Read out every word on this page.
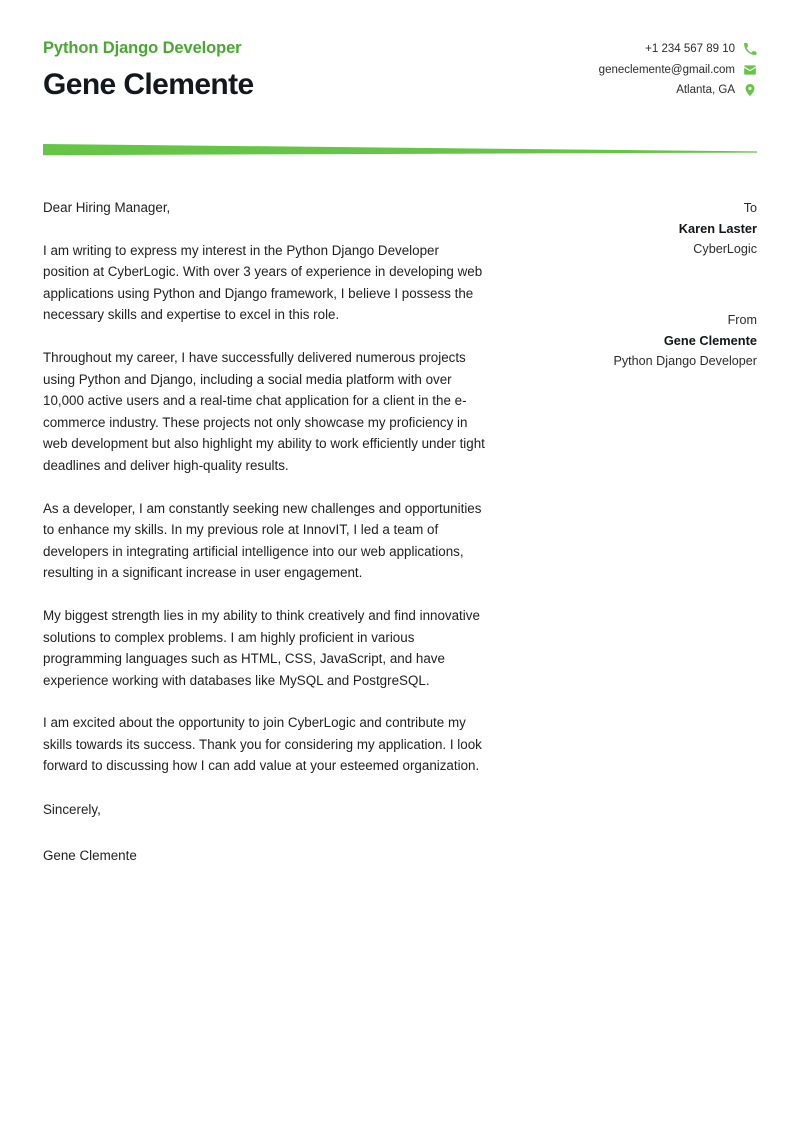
Python Django Developer
Gene Clemente
+1 234 567 89 10
geneclemente@gmail.com
Atlanta, GA

Dear Hiring Manager,

I am writing to express my interest in the Python Django Developer position at CyberLogic. With over 3 years of experience in developing web applications using Python and Django framework, I believe I possess the necessary skills and expertise to excel in this role.

Throughout my career, I have successfully delivered numerous projects using Python and Django, including a social media platform with over 10,000 active users and a real-time chat application for a client in the e-commerce industry. These projects not only showcase my proficiency in web development but also highlight my ability to work efficiently under tight deadlines and deliver high-quality results.

As a developer, I am constantly seeking new challenges and opportunities to enhance my skills. In my previous role at InnovIT, I led a team of developers in integrating artificial intelligence into our web applications, resulting in a significant increase in user engagement.

My biggest strength lies in my ability to think creatively and find innovative solutions to complex problems. I am highly proficient in various programming languages such as HTML, CSS, JavaScript, and have experience working with databases like MySQL and PostgreSQL.

I am excited about the opportunity to join CyberLogic and contribute my skills towards its success. Thank you for considering my application. I look forward to discussing how I can add value at your esteemed organization.

Sincerely,

Gene Clemente

To

Karen Laster

CyberLogic

From

Gene Clemente

Python Django Developer
